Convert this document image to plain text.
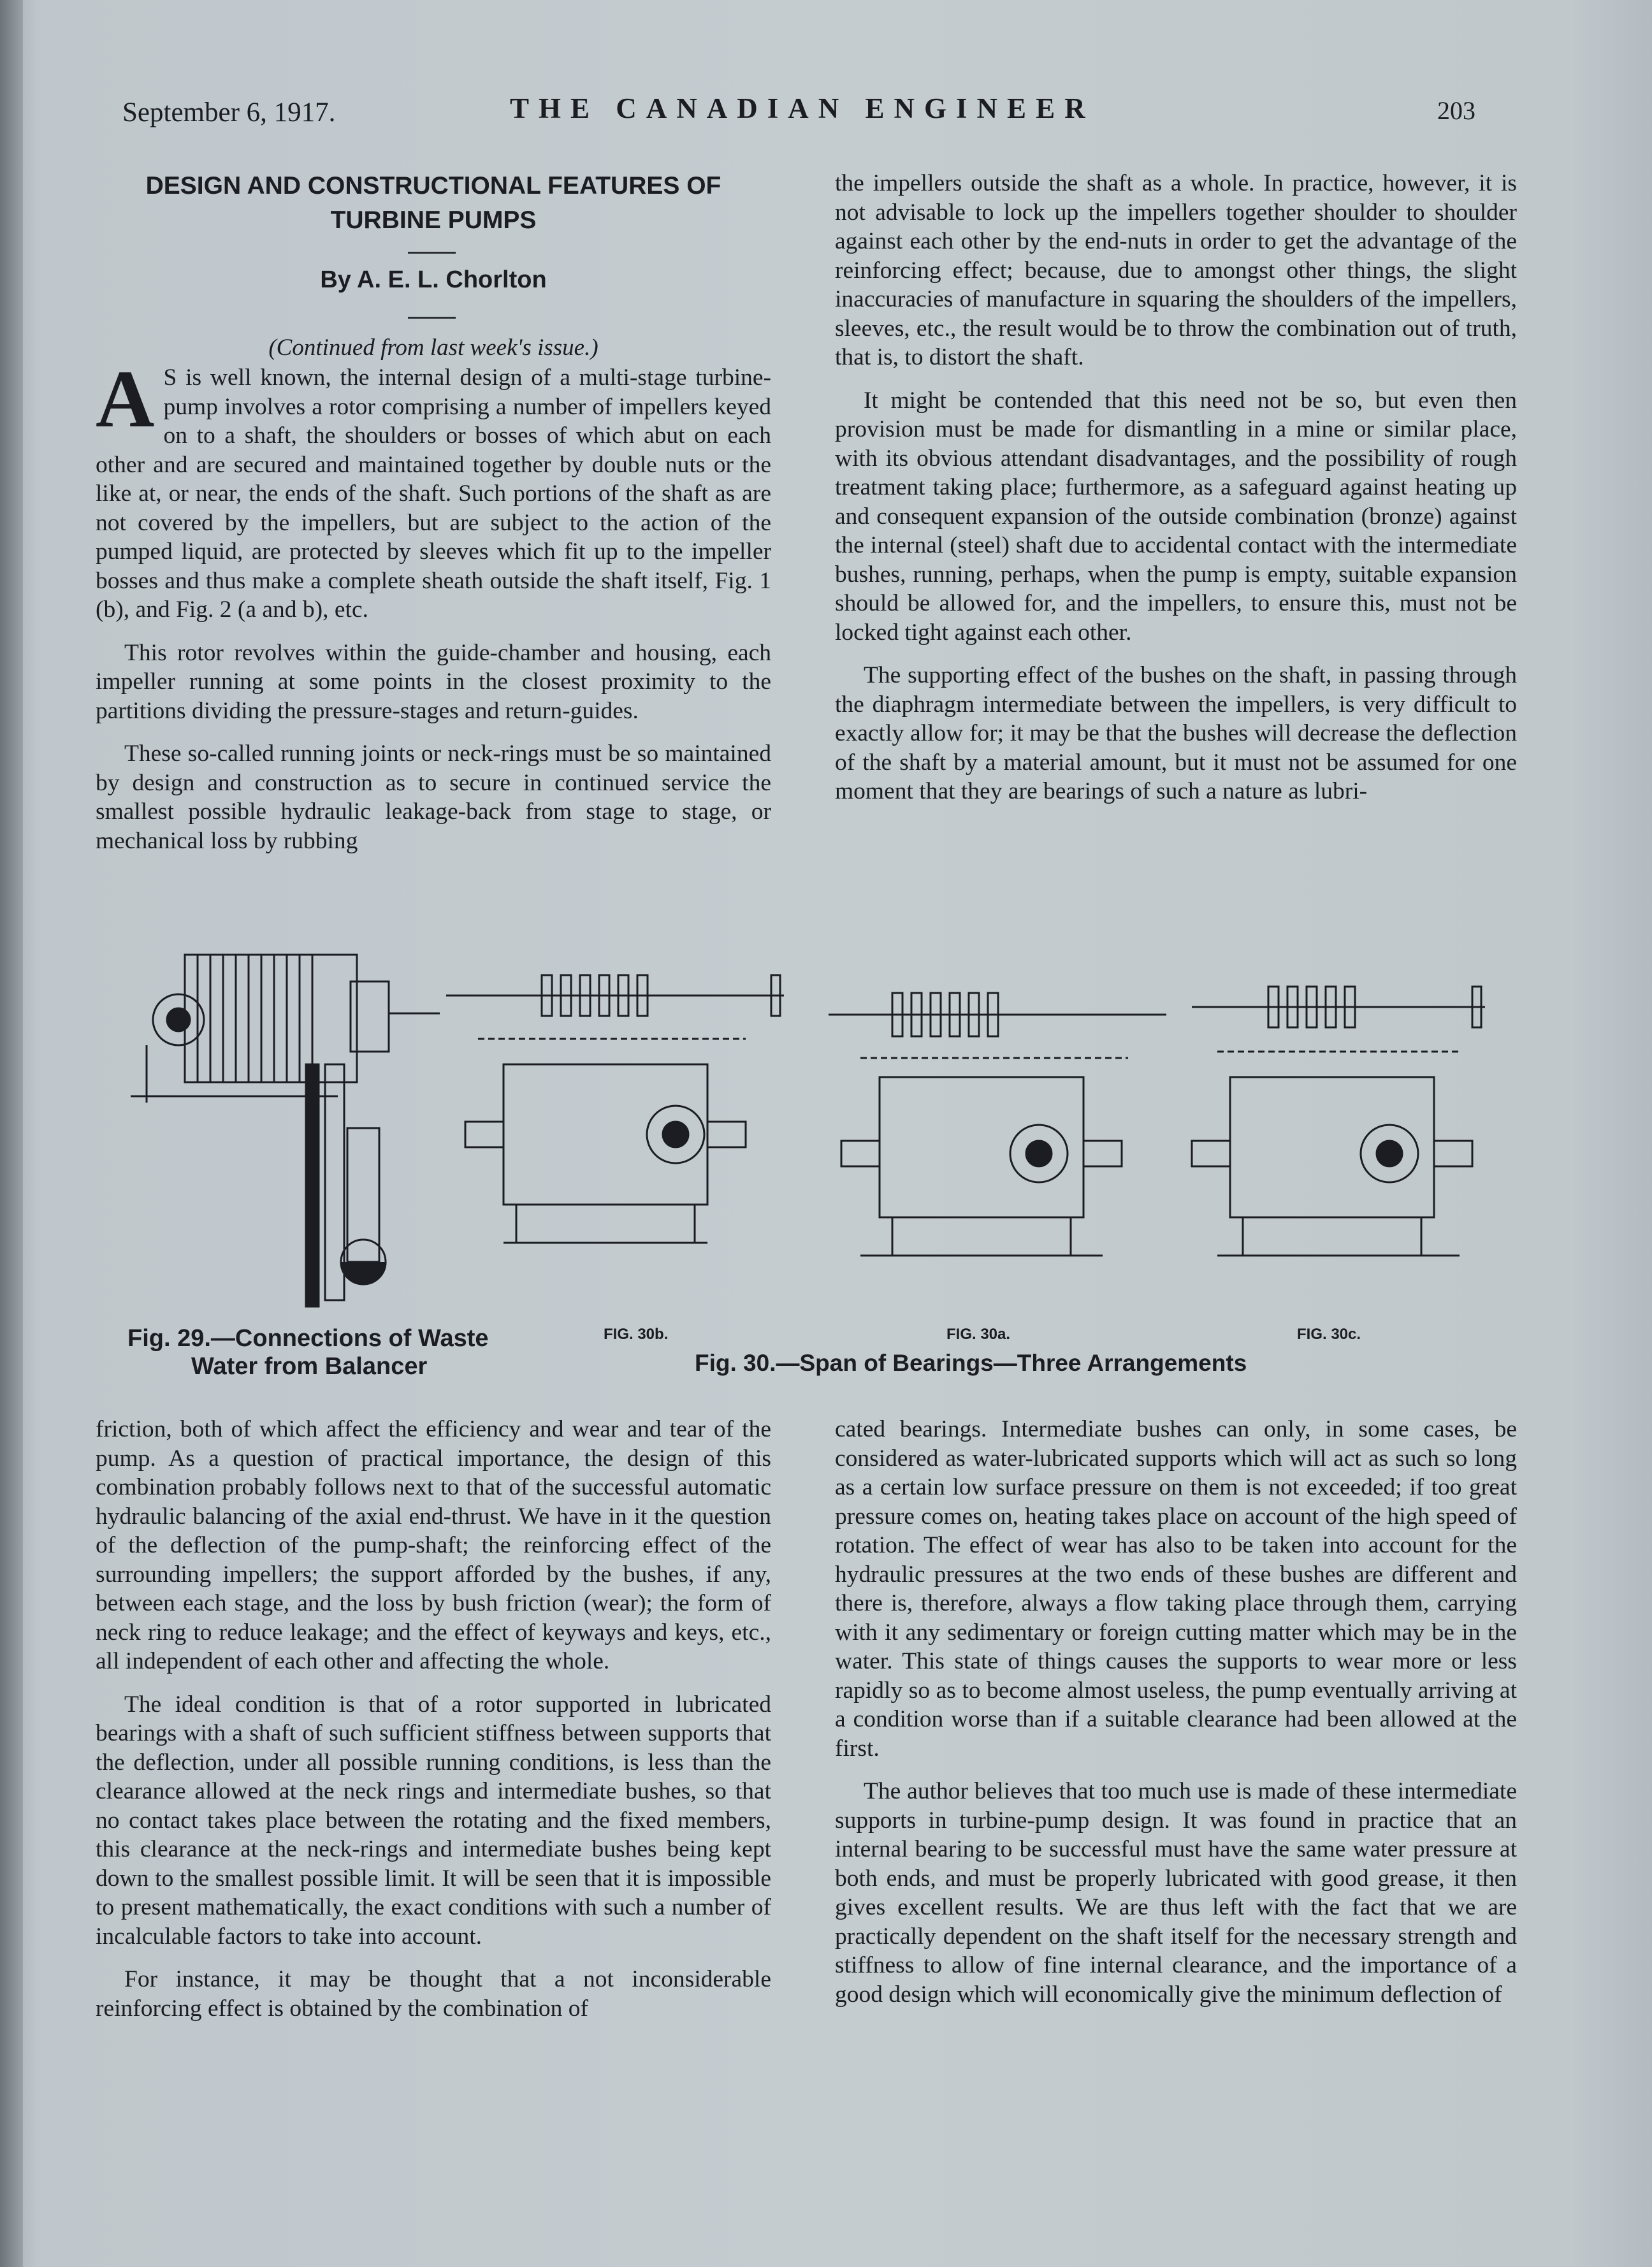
September 6, 1917.	THE CANADIAN ENGINEER	203
DESIGN AND CONSTRUCTIONAL FEATURES OF
TURBINE PUMPS
By A. E. L. Chorlton
(Continued from last week's issue.)

A S is well known, the internal design of a multi-stage turbine-pump involves a rotor comprising a number of impellers keyed on to a shaft, the shoulders or bosses of which abut on each other and are secured and maintained together by double nuts or the like at, or near, the ends of the shaft. Such portions of the shaft as are not covered by the impellers, but are subject to the action of the pumped liquid, are protected by sleeves which fit up to the impeller bosses and thus make a complete sheath outside the shaft itself, Fig. 1 (b), and Fig. 2 (a and b), etc.

This rotor revolves within the guide-chamber and housing, each impeller running at some points in the closest proximity to the partitions dividing the pressure-stages and return-guides.

These so-called running joints or neck-rings must be so maintained by design and construction as to secure in continued service the smallest possible hydraulic leakage-back from stage to stage, or mechanical loss by rubbing

the impellers outside the shaft as a whole. In practice, however, it is not advisable to lock up the impellers together shoulder to shoulder against each other by the end-nuts in order to get the advantage of the reinforcing effect; because, due to amongst other things, the slight inaccuracies of manufacture in squaring the shoulders of the impellers, sleeves, etc., the result would be to throw the combination out of truth, that is, to distort the shaft.

It might be contended that this need not be so, but even then provision must be made for dismantling in a mine or similar place, with its obvious attendant disadvantages, and the possibility of rough treatment taking place; furthermore, as a safeguard against heating up and consequent expansion of the outside combination (bronze) against the internal (steel) shaft due to accidental contact with the intermediate bushes, running, perhaps, when the pump is empty, suitable expansion should be allowed for, and the impellers, to ensure this, must not be locked tight against each other.

The supporting effect of the bushes on the shaft, in passing through the diaphragm intermediate between the impellers, is very difficult to exactly allow for; it may be that the bushes will decrease the deflection of the shaft by a material amount, but it must not be assumed for one moment that they are bearings of such a nature as lubri-

Fig. 29.—Connections of Waste
Water from Balancer
FIG. 30b.	FIG. 30a.	FIG. 30c.
Fig. 30.—Span of Bearings—Three Arrangements

friction, both of which affect the efficiency and wear and tear of the pump. As a question of practical importance, the design of this combination probably follows next to that of the successful automatic hydraulic balancing of the axial end-thrust. We have in it the question of the deflection of the pump-shaft; the reinforcing effect of the surrounding impellers; the support afforded by the bushes, if any, between each stage, and the loss by bush friction (wear); the form of neck ring to reduce leakage; and the effect of keyways and keys, etc., all independent of each other and affecting the whole.

The ideal condition is that of a rotor supported in lubricated bearings with a shaft of such sufficient stiffness between supports that the deflection, under all possible running conditions, is less than the clearance allowed at the neck rings and intermediate bushes, so that no contact takes place between the rotating and the fixed members, this clearance at the neck-rings and intermediate bushes being kept down to the smallest possible limit. It will be seen that it is impossible to present mathematically, the exact conditions with such a number of incalculable factors to take into account.

For instance, it may be thought that a not inconsiderable reinforcing effect is obtained by the combination of

cated bearings. Intermediate bushes can only, in some cases, be considered as water-lubricated supports which will act as such so long as a certain low surface pressure on them is not exceeded; if too great pressure comes on, heating takes place on account of the high speed of rotation. The effect of wear has also to be taken into account for the hydraulic pressures at the two ends of these bushes are different and there is, therefore, always a flow taking place through them, carrying with it any sedimentary or foreign cutting matter which may be in the water. This state of things causes the supports to wear more or less rapidly so as to become almost useless, the pump eventually arriving at a condition worse than if a suitable clearance had been allowed at the first.

The author believes that too much use is made of these intermediate supports in turbine-pump design. It was found in practice that an internal bearing to be successful must have the same water pressure at both ends, and must be properly lubricated with good grease, it then gives excellent results. We are thus left with the fact that we are practically dependent on the shaft itself for the necessary strength and stiffness to allow of fine internal clearance, and the importance of a good design which will economically give the minimum deflection of
